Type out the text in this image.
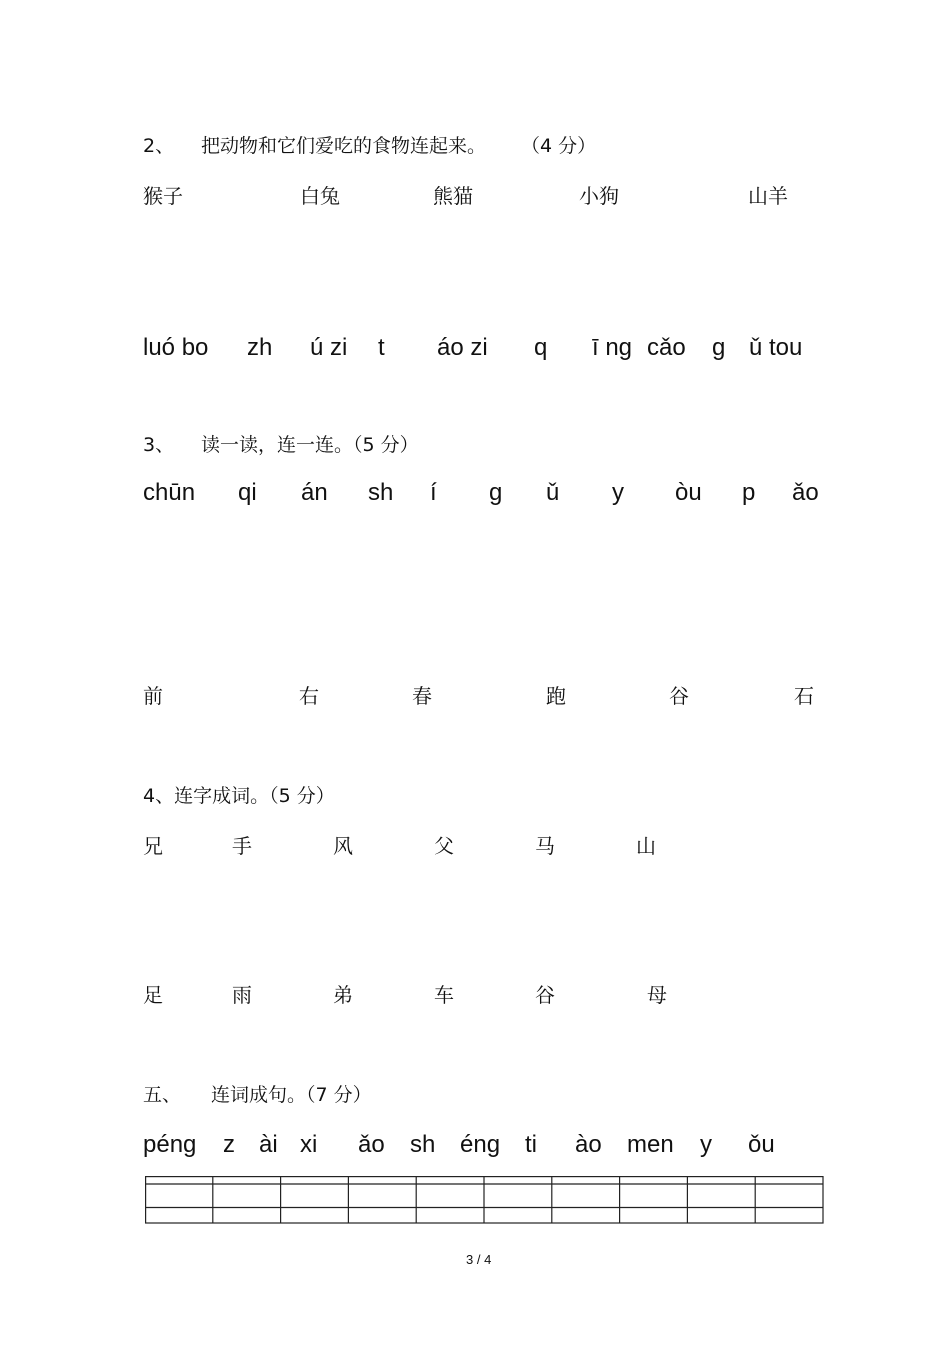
2、 把动物和它们爱吃的食物连起来。 （4 分）
猴子	白兔	熊猫	小狗	山羊
luó bo zh ú zi t áo zi q ī ng cǎo g ǔ tou
3、 读一读，连一连。（5 分）
chūn qi án sh í g ǔ y òu p ǎo
前	右	春	跑	谷	石
4、连字成词。（5 分）
兄	手	风	父	马	山
足	雨	弟	车	谷	母
五、 连词成句。（7 分）
péng z ài xi ǎo sh éng ti ào men y ǒu
3 / 4
